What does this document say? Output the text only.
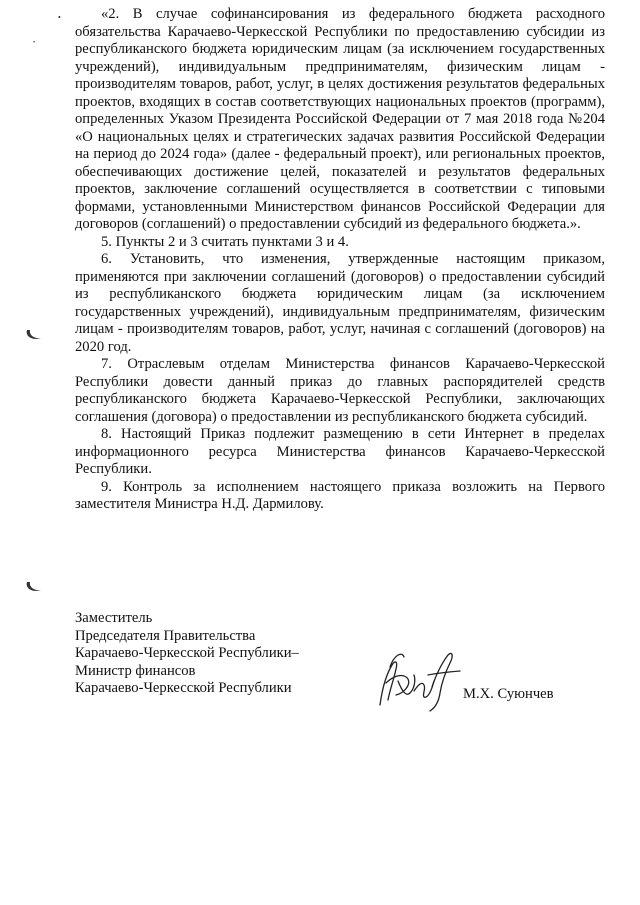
•
•

«2. В случае софинансирования из федерального бюджета расходного обязательства Карачаево-Черкесской Республики по предоставлению субсидии из республиканского бюджета юридическим лицам (за исключением государственных учреждений), индивидуальным предпринимателям, физическим лицам - производителям товаров, работ, услуг, в целях достижения результатов федеральных проектов, входящих в состав соответствующих национальных проектов (программ), определенных Указом Президента Российской Федерации от 7 мая 2018 года №204 «О национальных целях и стратегических задачах развития Российской Федерации на период до 2024 года» (далее - федеральный проект), или региональных проектов, обеспечивающих достижение целей, показателей и результатов федеральных проектов, заключение соглашений осуществляется в соответствии с типовыми формами, установленными Министерством финансов Российской Федерации для договоров (соглашений) о предоставлении субсидий из федерального бюджета.».

5. Пункты 2 и 3 считать пунктами 3 и 4.

6. Установить, что изменения, утвержденные настоящим приказом, применяются при заключении соглашений (договоров) о предоставлении субсидий из республиканского бюджета юридическим лицам (за исключением государственных учреждений), индивидуальным предпринимателям, физическим лицам - производителям товаров, работ, услуг, начиная с соглашений (договоров) на 2020 год.

7. Отраслевым отделам Министерства финансов Карачаево-Черкесской Республики довести данный приказ до главных распорядителей средств республиканского бюджета Карачаево-Черкесской Республики, заключающих соглашения (договора) о предоставлении из республиканского бюджета субсидий.

8. Настоящий Приказ подлежит размещению в сети Интернет в пределах информационного ресурса Министерства финансов Карачаево-Черкесской Республики.

9. Контроль за исполнением настоящего приказа возложить на Первого заместителя Министра Н.Д. Дармилову.

Заместитель
Председателя Правительства
Карачаево-Черкесской Республики–
Министр финансов
Карачаево-Черкесской Республики	М.Х. Суюнчев
